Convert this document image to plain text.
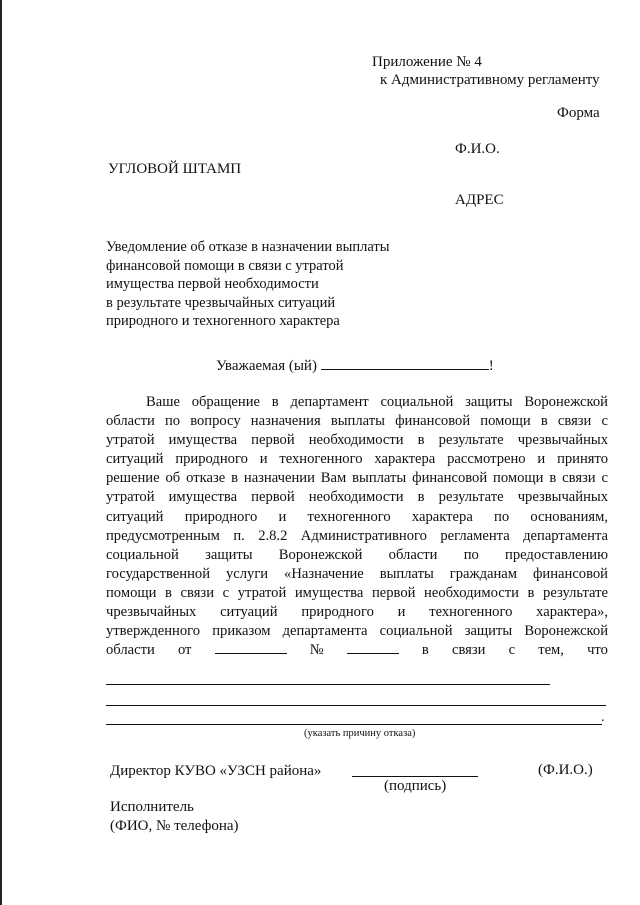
Приложение № 4
к Административному регламенту
Форма
Ф.И.О.
УГЛОВОЙ ШТАМП
АДРЕС
Уведомление об отказе в назначении выплаты
финансовой помощи в связи с утратой
имущества первой необходимости
в результате чрезвычайных ситуаций
природного и техногенного характера
Уважаемая (ый)	!
Ваше обращение в департамент социальной защиты Воронежской
области по вопросу назначения выплаты финансовой помощи в связи с
утратой имущества первой необходимости в результате чрезвычайных
ситуаций природного и техногенного характера рассмотрено и принято
решение об отказе в назначении Вам выплаты финансовой помощи в связи с
утратой имущества первой необходимости в результате чрезвычайных
ситуаций природного и техногенного характера по основаниям,
предусмотренным п. 2.8.2 Административного регламента департамента
социальной защиты Воронежской области по предоставлению
государственной услуги «Назначение выплаты гражданам финансовой
помощи в связи с утратой имущества первой необходимости в результате
чрезвычайных ситуаций природного и техногенного характера»,
утвержденного приказом департамента социальной защиты Воронежской
области от	№	в связи с тем, что
.
(указать причину отказа)
Директор КУВО «УЗСН района»	(Ф.И.О.)
(подпись)
Исполнитель
(ФИО, № телефона)
